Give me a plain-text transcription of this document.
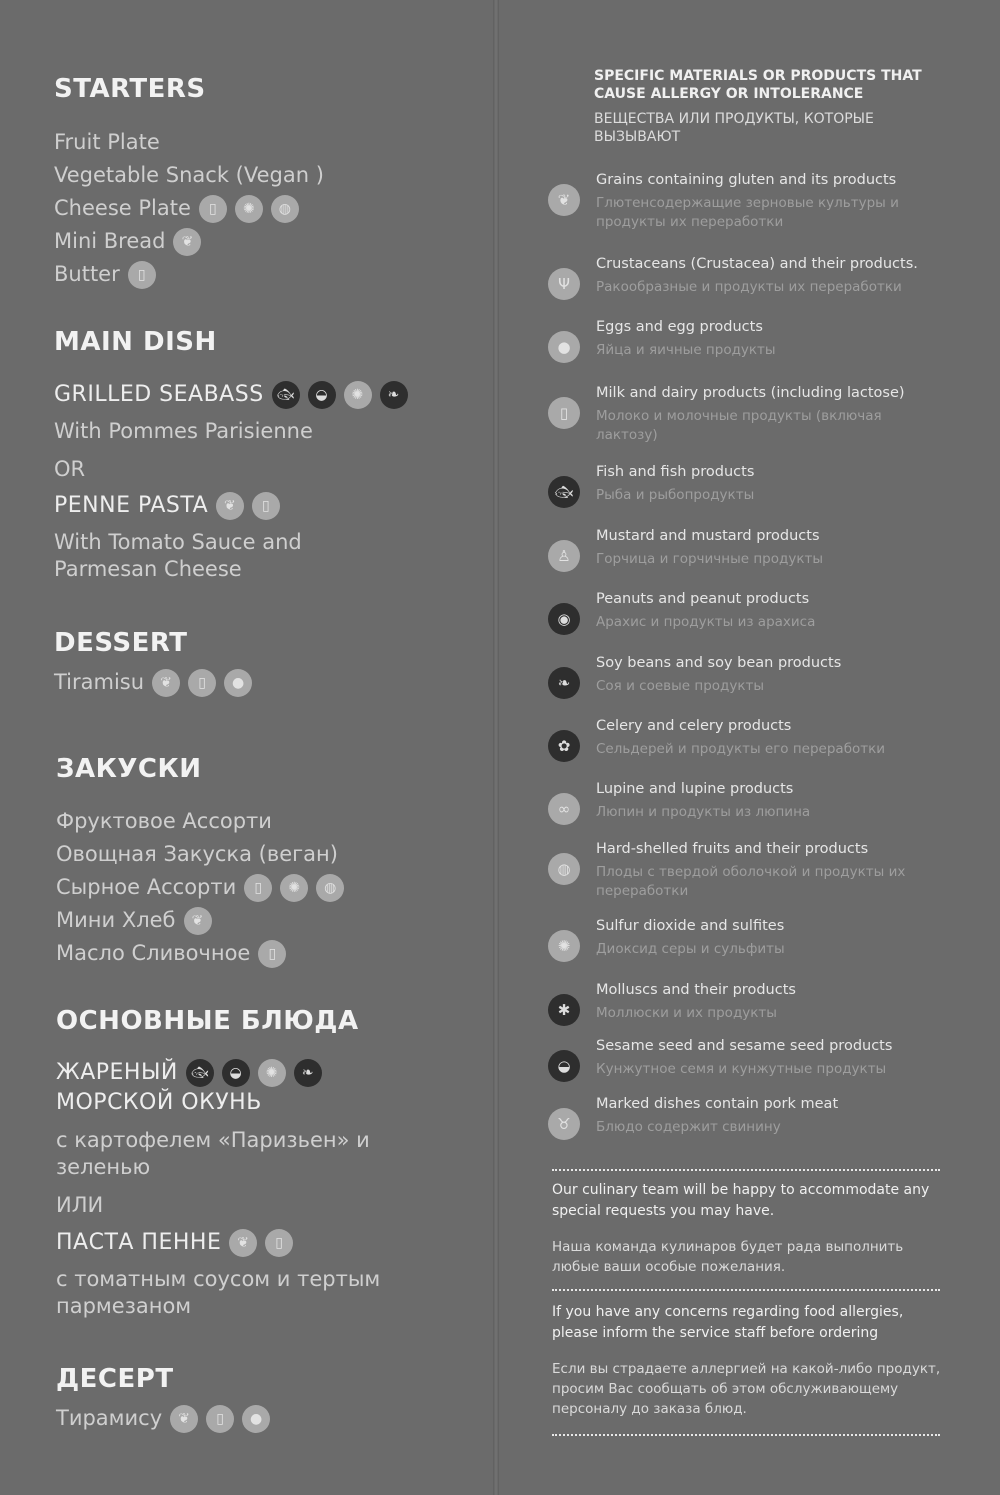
STARTERS
Fruit Plate
Vegetable Snack (Vegan )
Cheese Plate ▯ ✺ ◍
Mini Bread ❦
Butter ▯
MAIN DISH
GRILLED SEABASS 🐟︎ ◒ ✺ ❧
With Pommes Parisienne
OR
PENNE PASTA ❦ ▯
With Tomato Sauce and
Parmesan Cheese
DESSERT
Tiramisu ❦ ▯ ●
ЗАКУСКИ
Фруктовое Ассорти
Овощная Закуска (веган)
Сырное Ассорти ▯ ✺ ◍
Мини Хлеб ❦
Масло Сливочное ▯
ОСНОВНЫЕ БЛЮДА
ЖАРЕНЫЙ 🐟︎ ◒ ✺ ❧
МОРСКОЙ ОКУНЬ
с картофелем «Паризьен» и
зеленью
ИЛИ
ПАСТА ПЕННЕ ❦ ▯
с томатным соусом и тертым
пармезаном
ДЕСЕРТ
Тирамису ❦ ▯ ●
SPECIFIC MATERIALS OR PRODUCTS THAT CAUSE ALLERGY OR INTOLERANCE
ВЕЩЕСТВА ИЛИ ПРОДУКТЫ, КОТОРЫЕ ВЫЗЫВАЮТ
❦
Grains containing gluten and its products
Глютенсодержащие зерновые культуры и продукты их переработки
Ψ
Crustaceans (Crustacea) and their products.
Ракообразные и продукты их переработки
●
Eggs and egg products
Яйца и яичные продукты
▯
Milk and dairy products (including lactose)
Молоко и молочные продукты (включая лактозу)
🐟︎
Fish and fish products
Рыба и рыбопродукты
♙
Mustard and mustard products
Горчица и горчичные продукты
◉
Peanuts and peanut products
Арахис и продукты из арахиса
❧
Soy beans and soy bean products
Соя и соевые продукты
✿
Celery and celery products
Сельдерей и продукты его переработки
∞
Lupine and lupine products
Люпин и продукты из люпина
◍
Hard-shelled fruits and their products
Плоды с твердой оболочкой и продукты их переработки
✺
Sulfur dioxide and sulfites
Диоксид серы и сульфиты
✱
Molluscs and their products
Моллюски и их продукты
◒
Sesame seed and sesame seed products
Кунжутное семя и кунжутные продукты
♉
Marked dishes contain pork meat
Блюдо содержит свинину
Our culinary team will be happy to accommodate any special requests you may have.
Наша команда кулинаров будет рада выполнить любые ваши особые пожелания.
If you have any concerns regarding food allergies, please inform the service staff before ordering
Если вы страдаете аллергией на какой-либо продукт, просим Вас сообщать об этом обслуживающему персоналу до заказа блюд.
